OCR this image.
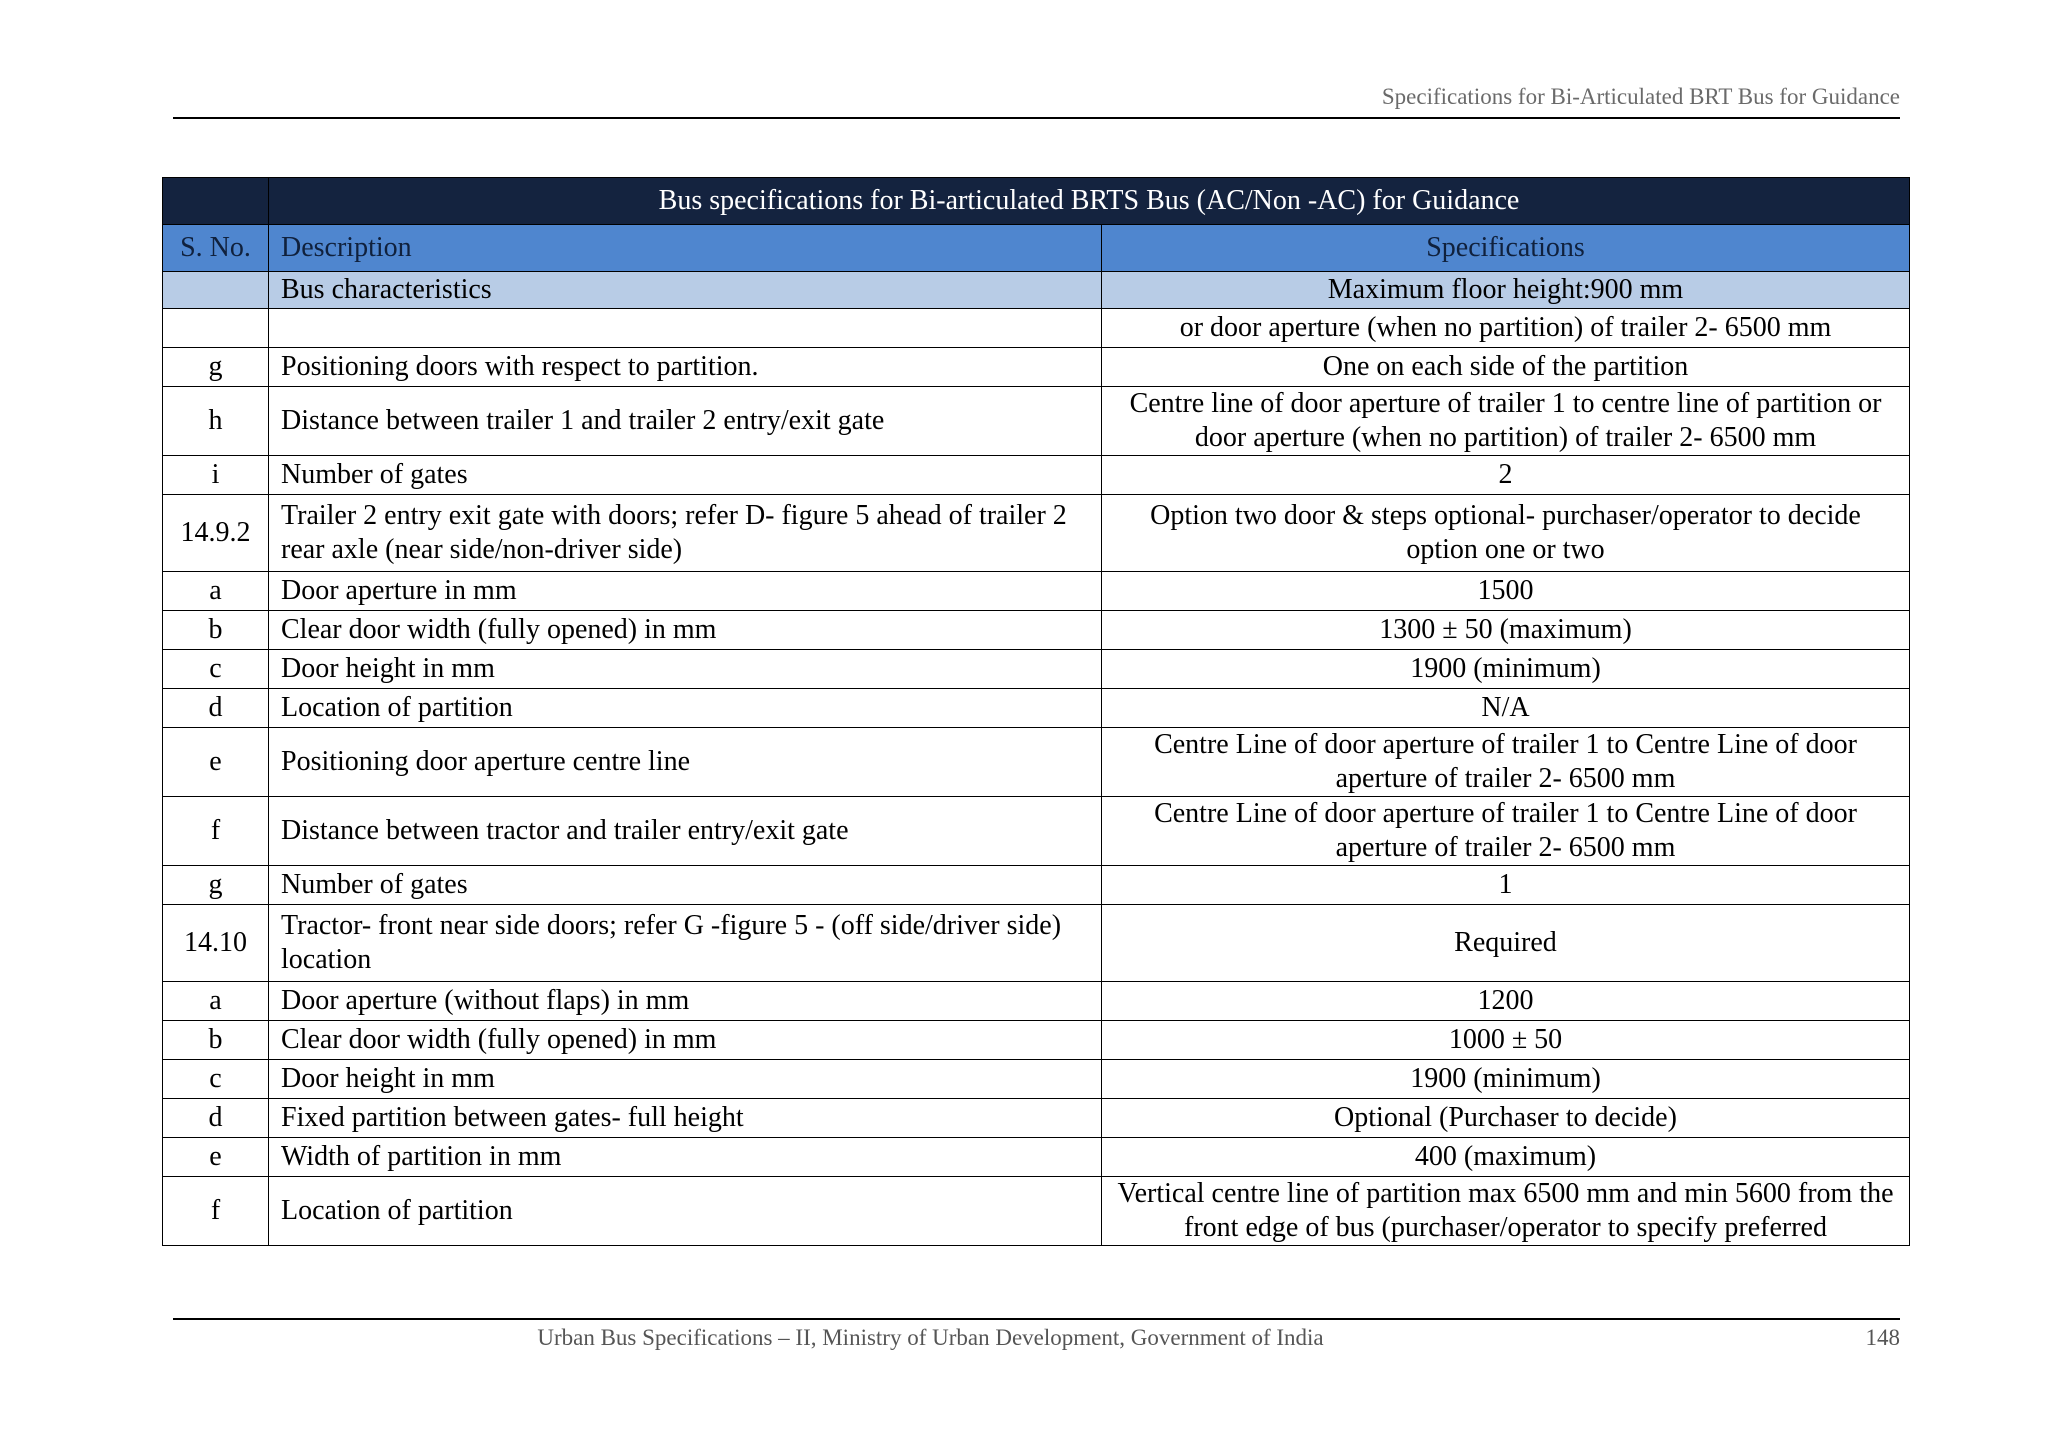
Specifications for Bi-Articulated BRT Bus for Guidance
	Bus specifications for Bi-articulated BRTS Bus (AC/Non -AC) for Guidance	
S. No.	Description	Specifications
	Bus characteristics	Maximum floor height:900 mm
		or door aperture (when no partition) of trailer 2- 6500 mm
g	Positioning doors with respect to partition.	One on each side of the partition
h	Distance between trailer 1 and trailer 2 entry/exit gate	Centre line of door aperture of trailer 1 to centre line of partition or door aperture (when no partition) of trailer 2- 6500 mm
i	Number of gates	2
14.9.2	Trailer 2 entry exit gate with doors; refer D- figure 5 ahead of trailer 2 rear axle (near side/non-driver side)	Option two door & steps optional- purchaser/operator to decide option one or two
a	Door aperture in mm	1500
b	Clear door width (fully opened) in mm	1300 ± 50 (maximum)
c	Door height in mm	1900 (minimum)
d	Location of partition	N/A
e	Positioning door aperture centre line	Centre Line of door aperture of trailer 1 to Centre Line of door aperture of trailer 2- 6500 mm
f	Distance between tractor and trailer entry/exit gate	Centre Line of door aperture of trailer 1 to Centre Line of door aperture of trailer 2- 6500 mm
g	Number of gates	1
14.10	Tractor- front near side doors; refer G -figure 5 - (off side/driver side) location	Required
a	Door aperture (without flaps) in mm	1200
b	Clear door width (fully opened) in mm	1000 ± 50
c	Door height in mm	1900 (minimum)
d	Fixed partition between gates- full height	Optional (Purchaser to decide)
e	Width of partition in mm	400 (maximum)
f	Location of partition	Vertical centre line of partition max 6500 mm and min 5600 from the front edge of bus (purchaser/operator to specify preferred
Urban Bus Specifications – II, Ministry of Urban Development, Government of India	148
